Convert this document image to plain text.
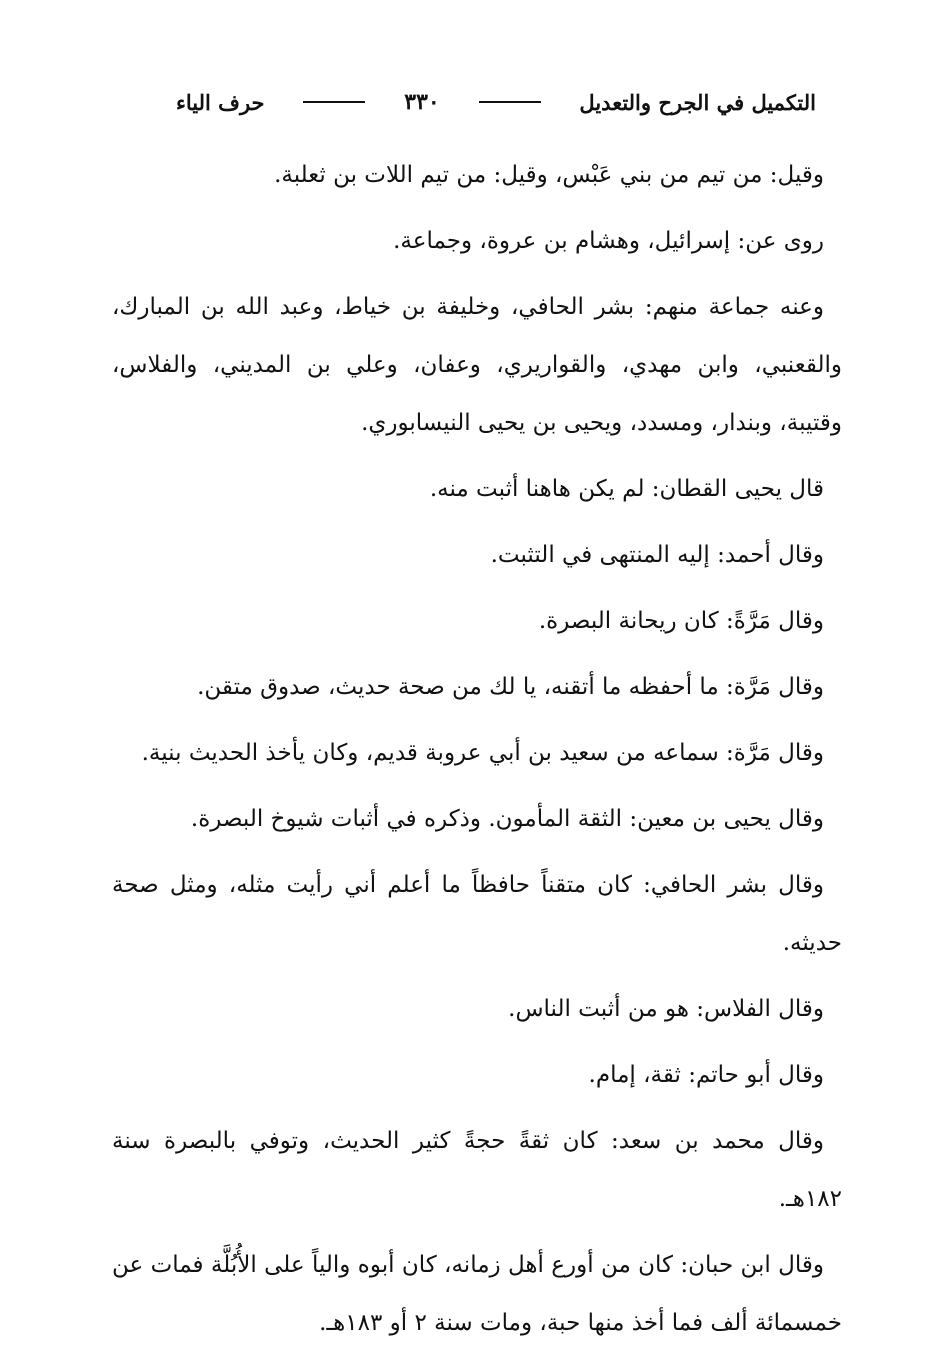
التكميل في الجرح والتعديل
٣٣٠
حرف الياء

وقيل: من تيم من بني عَبْس، وقيل: من تيم اللات بن ثعلبة.

روى عن: إسرائيل، وهشام بن عروة، وجماعة.

وعنه جماعة منهم: بشر الحافي، وخليفة بن خياط، وعبد الله بن المبارك، والقعنبي، وابن مهدي، والقواريري، وعفان، وعلي بن المديني، والفلاس، وقتيبة، وبندار، ومسدد، ويحيى بن يحيى النيسابوري.

قال يحيى القطان: لم يكن هاهنا أثبت منه.

وقال أحمد: إليه المنتهى في التثبت.

وقال مَرَّةً: كان ريحانة البصرة.

وقال مَرَّة: ما أحفظه ما أتقنه، يا لك من صحة حديث، صدوق متقن.

وقال مَرَّة: سماعه من سعيد بن أبي عروبة قديم، وكان يأخذ الحديث بنية.

وقال يحيى بن معين: الثقة المأمون. وذكره في أثبات شيوخ البصرة.

وقال بشر الحافي: كان متقناً حافظاً ما أعلم أني رأيت مثله، ومثل صحة حديثه.

وقال الفلاس: هو من أثبت الناس.

وقال أبو حاتم: ثقة، إمام.

وقال محمد بن سعد: كان ثقةً حجةً كثير الحديث، وتوفي بالبصرة سنة ١٨٢هـ.

وقال ابن حبان: كان من أورع أهل زمانه، كان أبوه والياً على الأُبُلَّة فمات عن خمسمائة ألف فما أخذ منها حبة، ومات سنة ٢ أو ١٨٣هـ.
